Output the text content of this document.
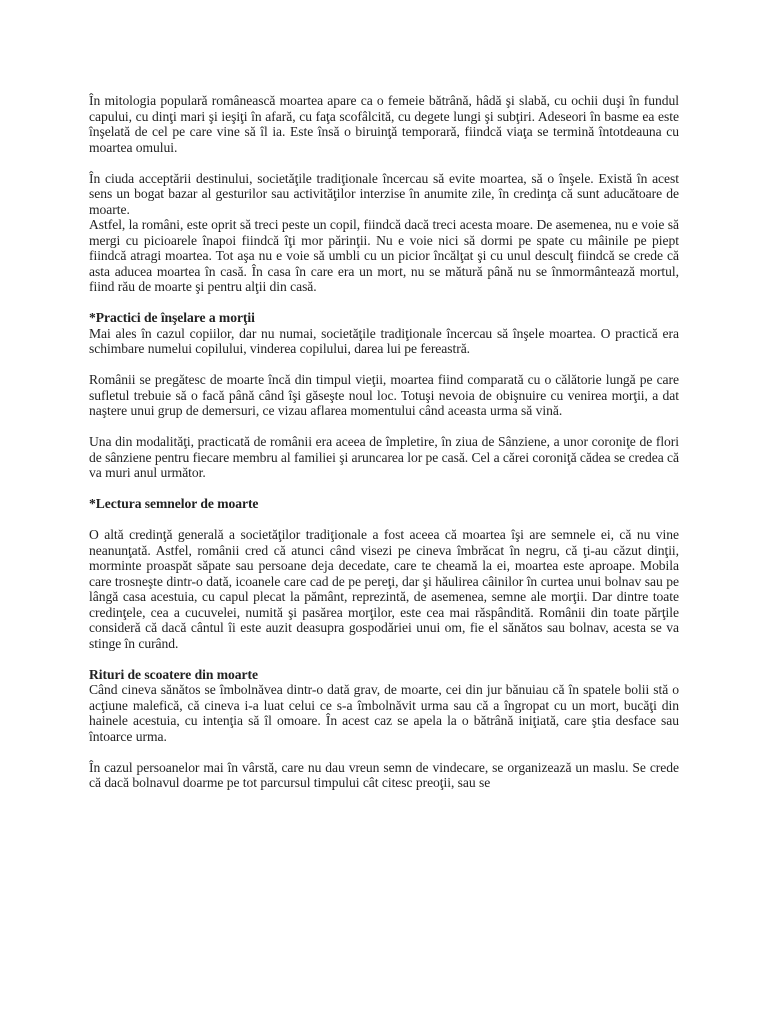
În mitologia populară românească moartea apare ca o femeie bătrână, hâdă şi slabă, cu ochii duşi în fundul capului, cu dinţi mari şi ieşiţi în afară, cu faţa scofâlcită, cu degete lungi şi subţiri. Adeseori în basme ea este înşelată de cel pe care vine să îl ia. Este însă o biruinţă temporară, fiindcă viaţa se termină întotdeauna cu moartea omului.

În ciuda acceptării destinului, societăţile tradiţionale încercau să evite moartea, să o înşele. Există în acest sens un bogat bazar al gesturilor sau activităţilor interzise în anumite zile, în credinţa că sunt aducătoare de moarte.

Astfel, la români, este oprit să treci peste un copil, fiindcă dacă treci acesta moare. De asemenea, nu e voie să mergi cu picioarele înapoi fiindcă îţi mor părinţii. Nu e voie nici să dormi pe spate cu mâinile pe piept fiindcă atragi moartea. Tot aşa nu e voie să umbli cu un picior încălţat şi cu unul desculţ fiindcă se crede că asta aducea moartea în casă. În casa în care era un mort, nu se mătură până nu se înmormântează mortul, fiind rău de moarte şi pentru alţii din casă.

*Practici de înşelare a morţii

Mai ales în cazul copiilor, dar nu numai, societăţile tradiţionale încercau să înşele moartea. O practică era schimbare numelui copilului, vinderea copilului, darea lui pe fereastră.

Românii se pregătesc de moarte încă din timpul vieţii, moartea fiind comparată cu o călătorie lungă pe care sufletul trebuie să o facă până când îşi găseşte noul loc. Totuşi nevoia de obişnuire cu venirea morţii, a dat naştere unui grup de demersuri, ce vizau aflarea momentului când aceasta urma să vină.

Una din modalităţi, practicată de românii era aceea de împletire, în ziua de Sânziene, a unor coroniţe de flori de sânziene pentru fiecare membru al familiei şi aruncarea lor pe casă. Cel a cărei coroniţă cădea se credea că va muri anul următor.

*Lectura semnelor de moarte

O altă credinţă generală a societăţilor tradiţionale a fost aceea că moartea îşi are semnele ei, că nu vine neanunţată. Astfel, românii cred că atunci când visezi pe cineva îmbrăcat în negru, că ţi-au căzut dinţii, morminte proaspăt săpate sau persoane deja decedate, care te cheamă la ei, moartea este aproape. Mobila care trosneşte dintr-o dată, icoanele care cad de pe pereţi, dar şi hăulirea câinilor în curtea unui bolnav sau pe lângă casa acestuia, cu capul plecat la pământ, reprezintă, de asemenea, semne ale morţii. Dar dintre toate credinţele, cea a cucuvelei, numită şi pasărea morţilor, este cea mai răspândită. Românii din toate părţile consideră că dacă cântul îi este auzit deasupra gospodăriei unui om, fie el sănătos sau bolnav, acesta se va stinge în curând.

Rituri de scoatere din moarte

Când cineva sănătos se îmbolnăvea dintr-o dată grav, de moarte, cei din jur bănuiau că în spatele bolii stă o acţiune malefică, că cineva i-a luat celui ce s-a îmbolnăvit urma sau că a îngropat cu un mort, bucăţi din hainele acestuia, cu intenţia să îl omoare. În acest caz se apela la o bătrână iniţiată, care ştia desface sau întoarce urma.

În cazul persoanelor mai în vârstă, care nu dau vreun semn de vindecare, se organizează un maslu. Se crede că dacă bolnavul doarme pe tot parcursul timpului cât citesc preoţii, sau se
